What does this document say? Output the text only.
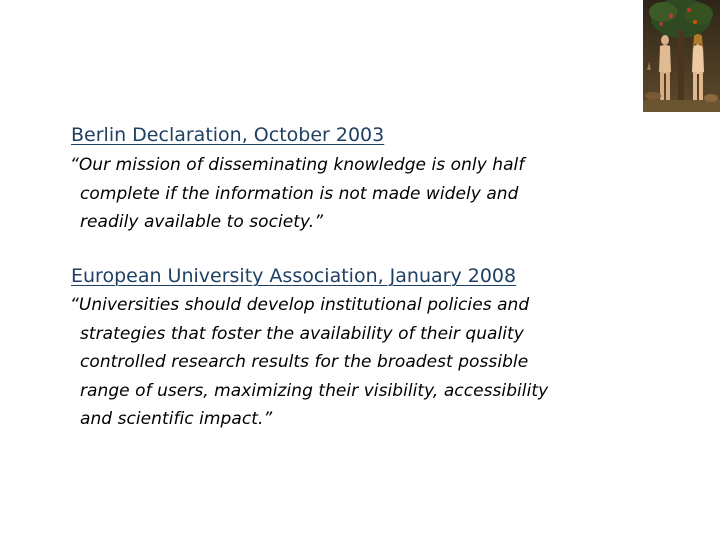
Berlin Declaration, October 2003

“Our mission of disseminating knowledge is only half
complete if the information is not made widely and
readily available to society.”

European University Association, January 2008

“Universities should develop institutional policies and
strategies that foster the availability of their quality
controlled research results for the broadest possible
range of users, maximizing their visibility, accessibility
and scientific impact.”
